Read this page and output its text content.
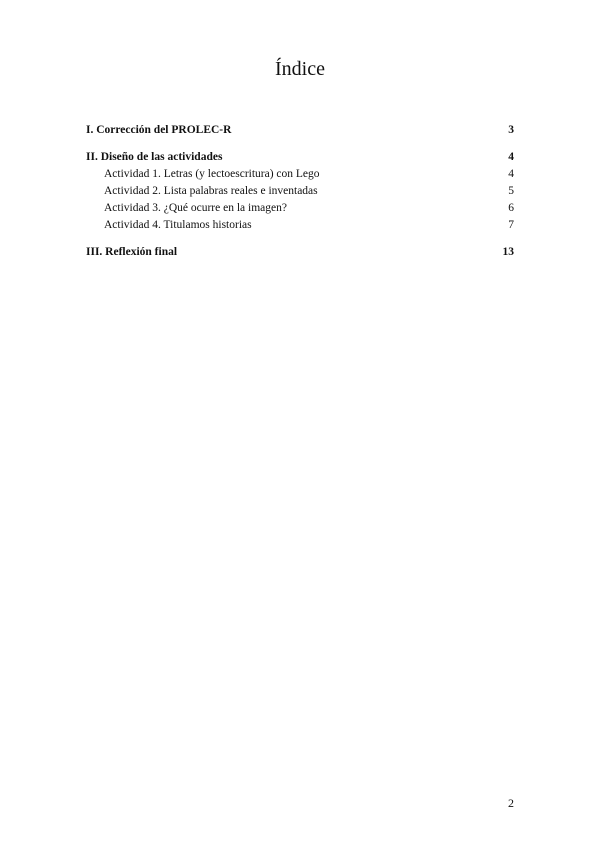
Índice
I. Corrección del PROLEC-R	3
II. Diseño de las actividades	4
Actividad 1. Letras (y lectoescritura) con Lego	4
Actividad 2. Lista palabras reales e inventadas	5
Actividad 3. ¿Qué ocurre en la imagen?	6
Actividad 4. Titulamos historias	7
III. Reflexión final	13
2
